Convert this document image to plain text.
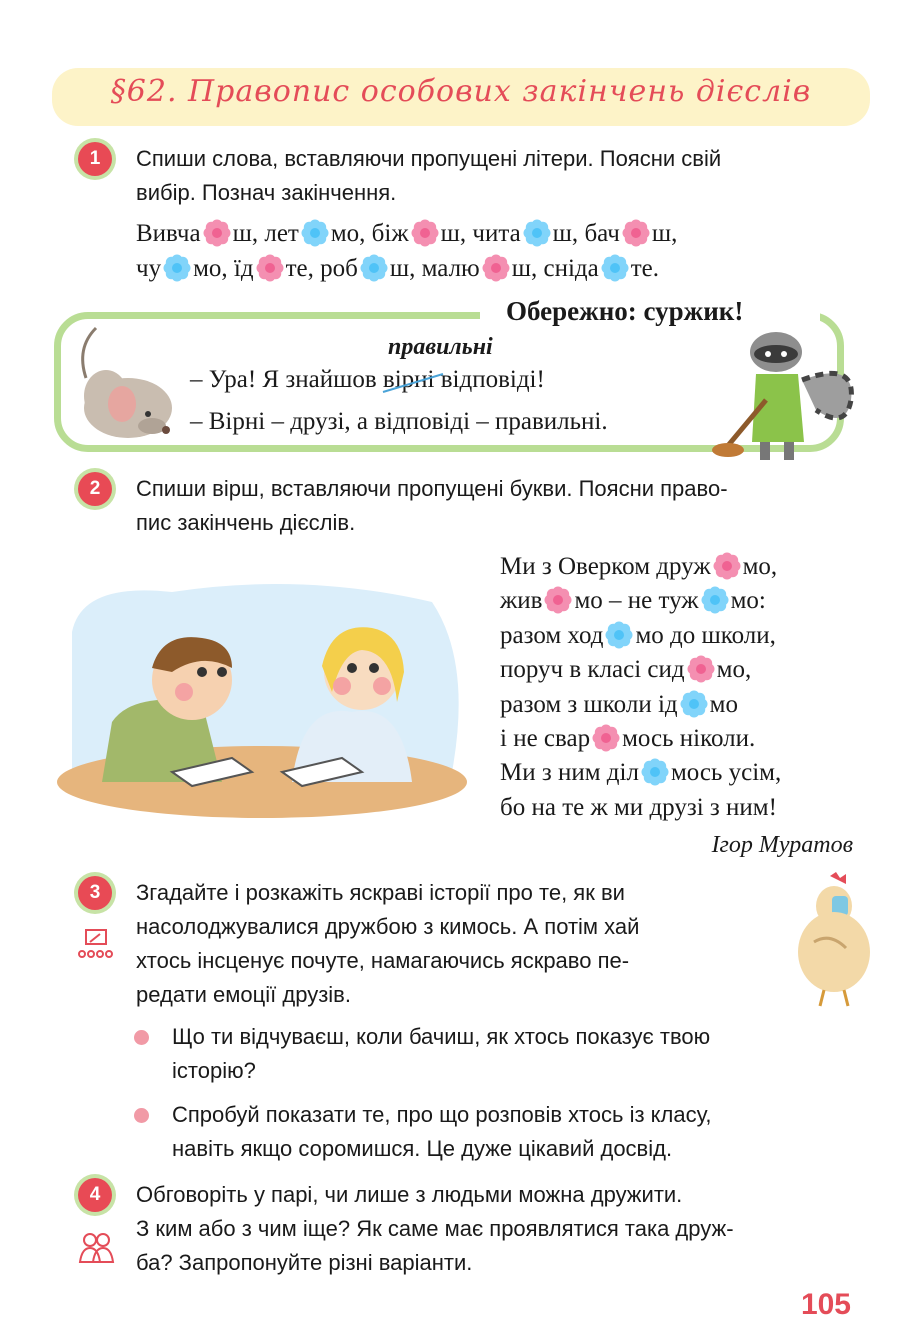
§62. Правопис особових закінчень дієслів
1	Спиши слова, вставляючи пропущені літери. Поясни свій
вибір. Познач закінчення.
Вивча ш, лет мо, біж ш, чита ш, бач ш,
чу мо, їд те, роб ш, малю ш, сніда те.
Обережно: суржик!
правильні
– Ура! Я знайшов вірні
відповіді!
– Вірні – друзі, а відповіді – правильні.
2	Спиши вірш, вставляючи пропущені букви. Поясни право-
пис закінчень дієслів.
Ми з Оверком друж мо,
жив мо – не туж мо:
разом ход мо до школи,
поруч в класі сид мо,
разом з школи ід мо
і не свар мось ніколи.
Ми з ним діл мось усім,
бо на те ж ми друзі з ним!
Ігор Муратов
3	Згадайте і розкажіть яскраві історії про те, як ви
насолоджувалися дружбою з кимось. А потім хай
хтось інсценує почуте, намагаючись яскраво пе-
редати емоції друзів.
Що ти відчуваєш, коли бачиш, як хтось показує твою
історію?
Спробуй показати те, про що розповів хтось із класу,
навіть якщо соромишся. Це дуже цікавий досвід.
4	Обговоріть у парі, чи лише з людьми можна дружити.
З ким або з чим іще? Як саме має проявлятися така друж-
ба? Запропонуйте різні варіанти.
105
